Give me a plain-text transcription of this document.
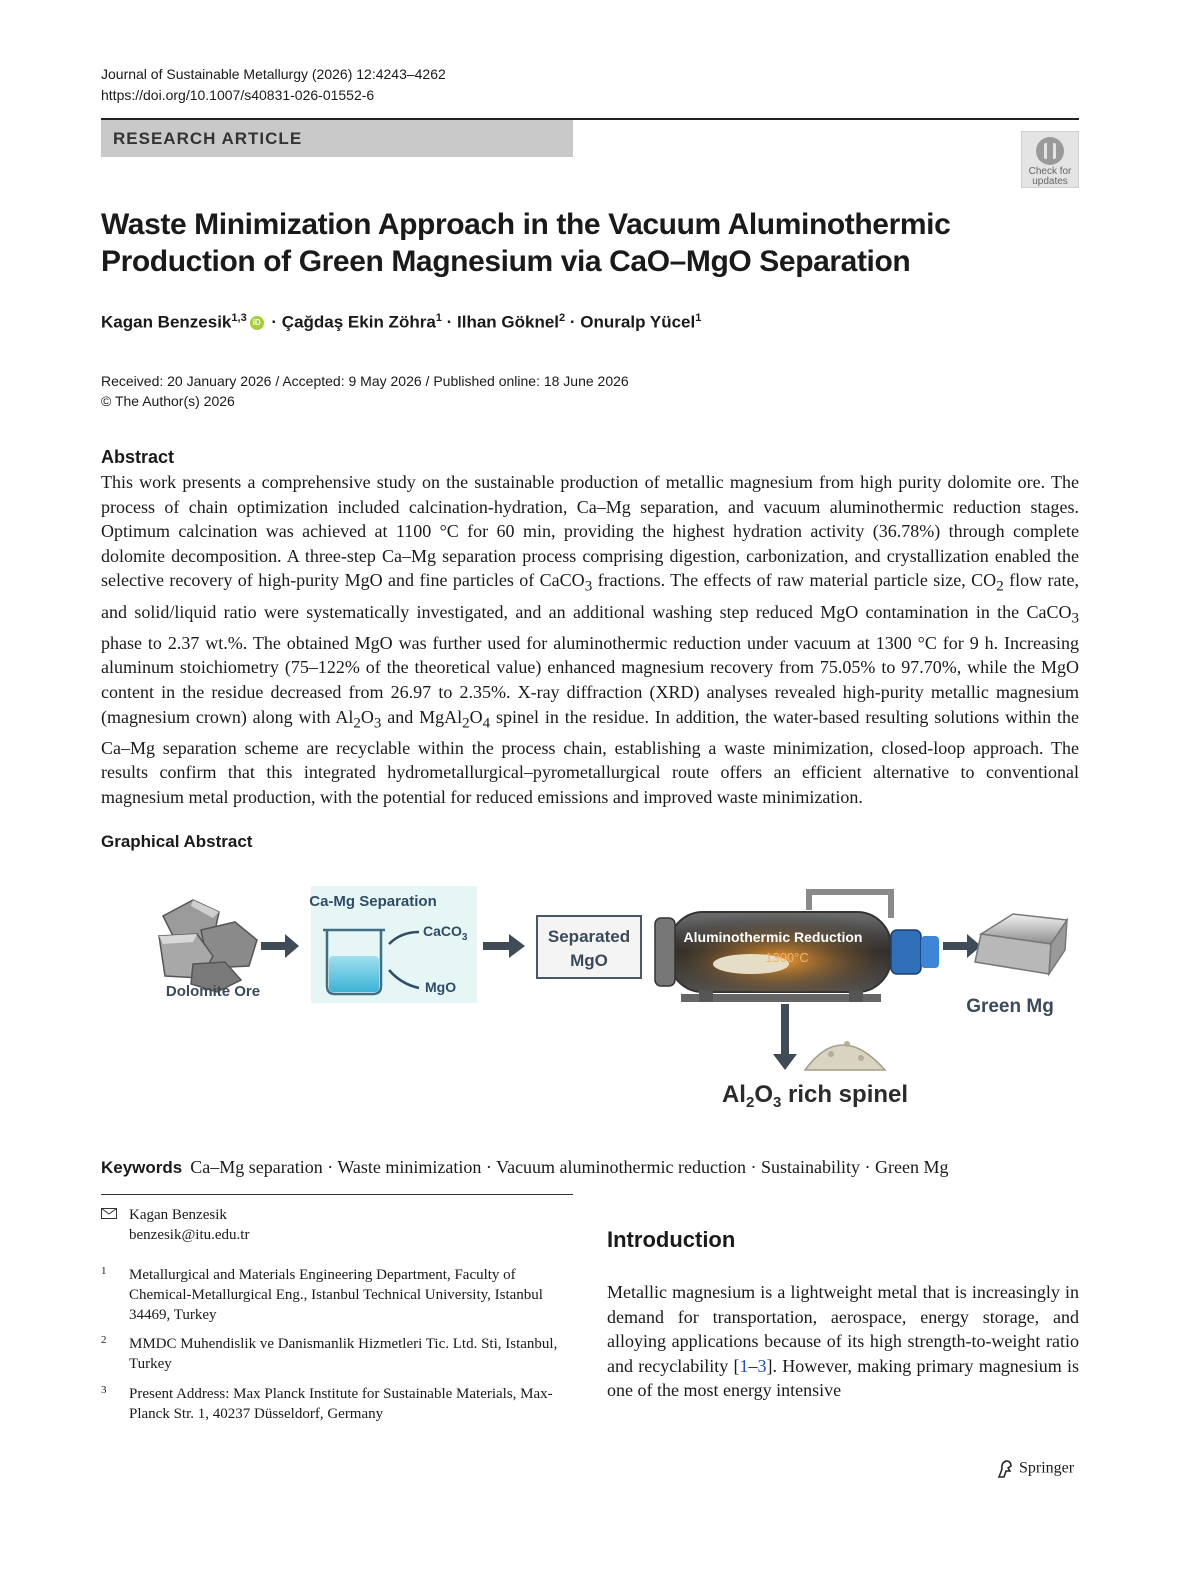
Journal of Sustainable Metallurgy (2026) 12:4243–4262
https://doi.org/10.1007/s40831-026-01552-6
RESEARCH ARTICLE
Check for
updates
Waste Minimization Approach in the Vacuum Aluminothermic
Production of Green Magnesium via CaO–MgO Separation
Kagan Benzesik$^{1,3}$ iD · Çağdaş Ekin Zöhra$^1$ · Ilhan Göknel$^2$ · Onuralp Yücel$^1$
Received: 20 January 2026 / Accepted: 9 May 2026 / Published online: 18 June 2026
© The Author(s) 2026
Abstract

This work presents a comprehensive study on the sustainable production of metallic magnesium from high purity dolomite ore. The process of chain optimization included calcination-hydration, Ca–Mg separation, and vacuum aluminothermic reduction stages. Optimum calcination was achieved at 1100 °C for 60 min, providing the highest hydration activity (36.78%) through complete dolomite decomposition. A three-step Ca–Mg separation process comprising digestion, carbonization, and crystallization enabled the selective recovery of high-purity MgO and fine particles of CaCO$_3$ fractions. The effects of raw material particle size, $CO_2$ flow rate, and solid/liquid ratio were systematically investigated, and an additional washing step reduced MgO contamination in the CaCO$_3$ phase to 2.37 wt.%. The obtained MgO was further used for aluminothermic reduction under vacuum at 1300 °C for 9 h. Increasing aluminum stoichiometry (75–122% of the theoretical value) enhanced magnesium recovery from 75.05% to 97.70%, while the MgO content in the residue decreased from 26.97 to 2.35%. X-ray diffraction (XRD) analyses revealed high-purity metallic magnesium (magnesium crown) along with $Al_2O_3$ and $MgAl_2O_4$ spinel in the residue. In addition, the water-based resulting solutions within the Ca–Mg separation scheme are recyclable within the process chain, establishing a waste minimization, closed-loop approach. The results confirm that this integrated hydrometallurgical–pyrometallurgical route offers an efficient alternative to conventional magnesium metal production, with the potential for reduced emissions and improved waste minimization.

Graphical Abstract
Dolomite Ore
Ca-Mg Separation
CaCO$_3$
MgO
Separated
MgO
Aluminothermic Reduction
1300°C
Green Mg
$Al_2O_3$ rich spinel
Keywords Ca–Mg separation · Waste minimization · Vacuum aluminothermic reduction · Sustainability · Green Mg
Kagan Benzesik
benzesik@itu.edu.tr
1 Metallurgical and Materials Engineering Department, Faculty of Chemical-Metallurgical Eng., Istanbul Technical University, Istanbul 34469, Turkey
2 MMDC Muhendislik ve Danismanlik Hizmetleri Tic. Ltd. Sti, Istanbul, Turkey
3 Present Address: Max Planck Institute for Sustainable Materials, Max-Planck Str. 1, 40237 Düsseldorf, Germany
Introduction

Metallic magnesium is a lightweight metal that is increasingly in demand for transportation, aerospace, energy storage, and alloying applications because of its high strength-to-weight ratio and recyclability [1–3]. However, making primary magnesium is one of the most energy intensive

Springer
